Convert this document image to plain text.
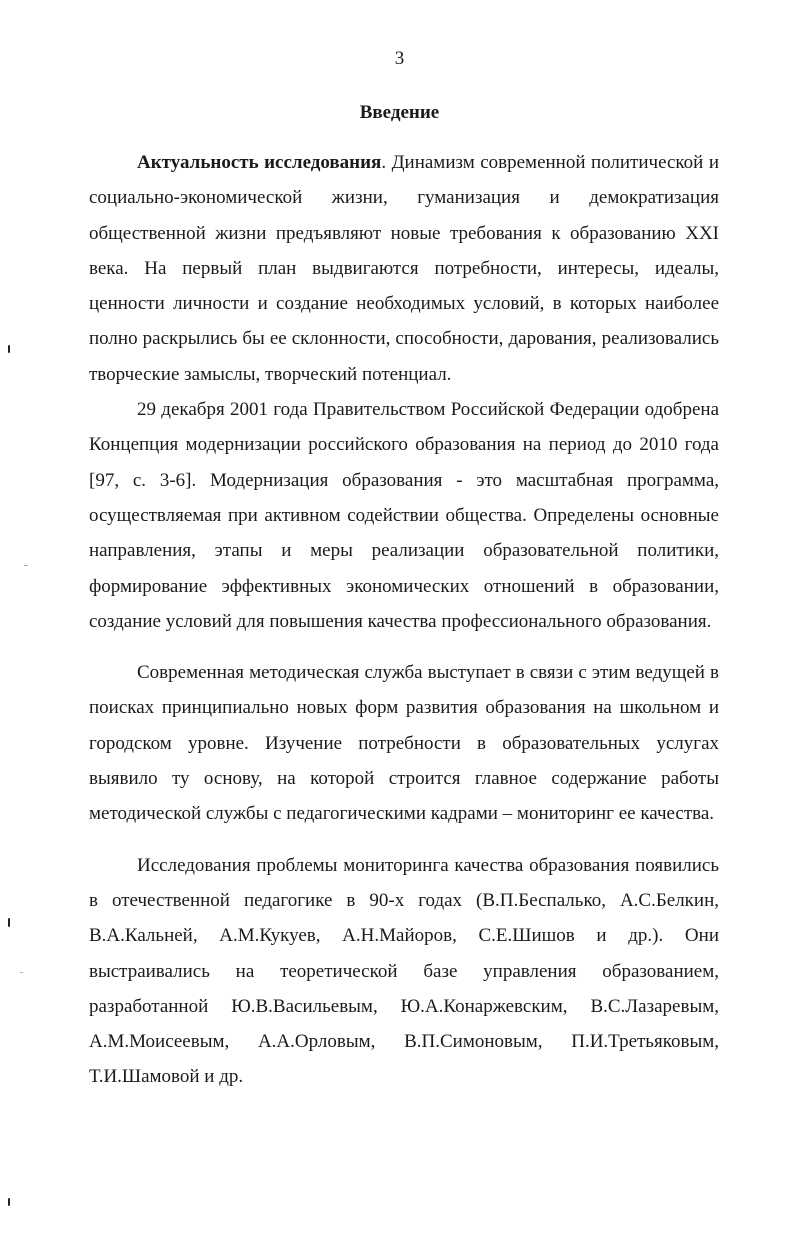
3
Введение

Актуальность исследования. Динамизм современной политической и социально-экономической жизни, гуманизация и демократизация общественной жизни предъявляют новые требования к образованию XXI века. На первый план выдвигаются потребности, интересы, идеалы, ценности личности и создание необходимых условий, в которых наиболее полно раскрылись бы ее склонности, способности, дарования, реализовались творческие замыслы, творческий потенциал.

29 декабря 2001 года Правительством Российской Федерации одобрена Концепция модернизации российского образования на период до 2010 года [97, с. 3-6]. Модернизация образования - это масштабная программа, осуществляемая при активном содействии общества. Определены основные направления, этапы и меры реализации образовательной политики, формирование эффективных экономических отношений в образовании, создание условий для повышения качества профессионального образования.

Современная методическая служба выступает в связи с этим ведущей в поисках принципиально новых форм развития образования на школьном и городском уровне. Изучение потребности в образовательных услугах выявило ту основу, на которой строится главное содержание работы методической службы с педагогическими кадрами – мониторинг ее качества.

Исследования проблемы мониторинга качества образования появились в отечественной педагогике в 90-х годах (В.П.Беспалько, А.С.Белкин, В.А.Кальней, А.М.Кукуев, А.Н.Майоров, С.Е.Шишов и др.). Они выстраивались на теоретической базе управления образованием, разработанной Ю.В.Васильевым, Ю.А.Конаржевским, В.С.Лазаревым, А.М.Моисеевым, А.А.Орловым, В.П.Симоновым, П.И.Третьяковым, Т.И.Шамовой и др.
